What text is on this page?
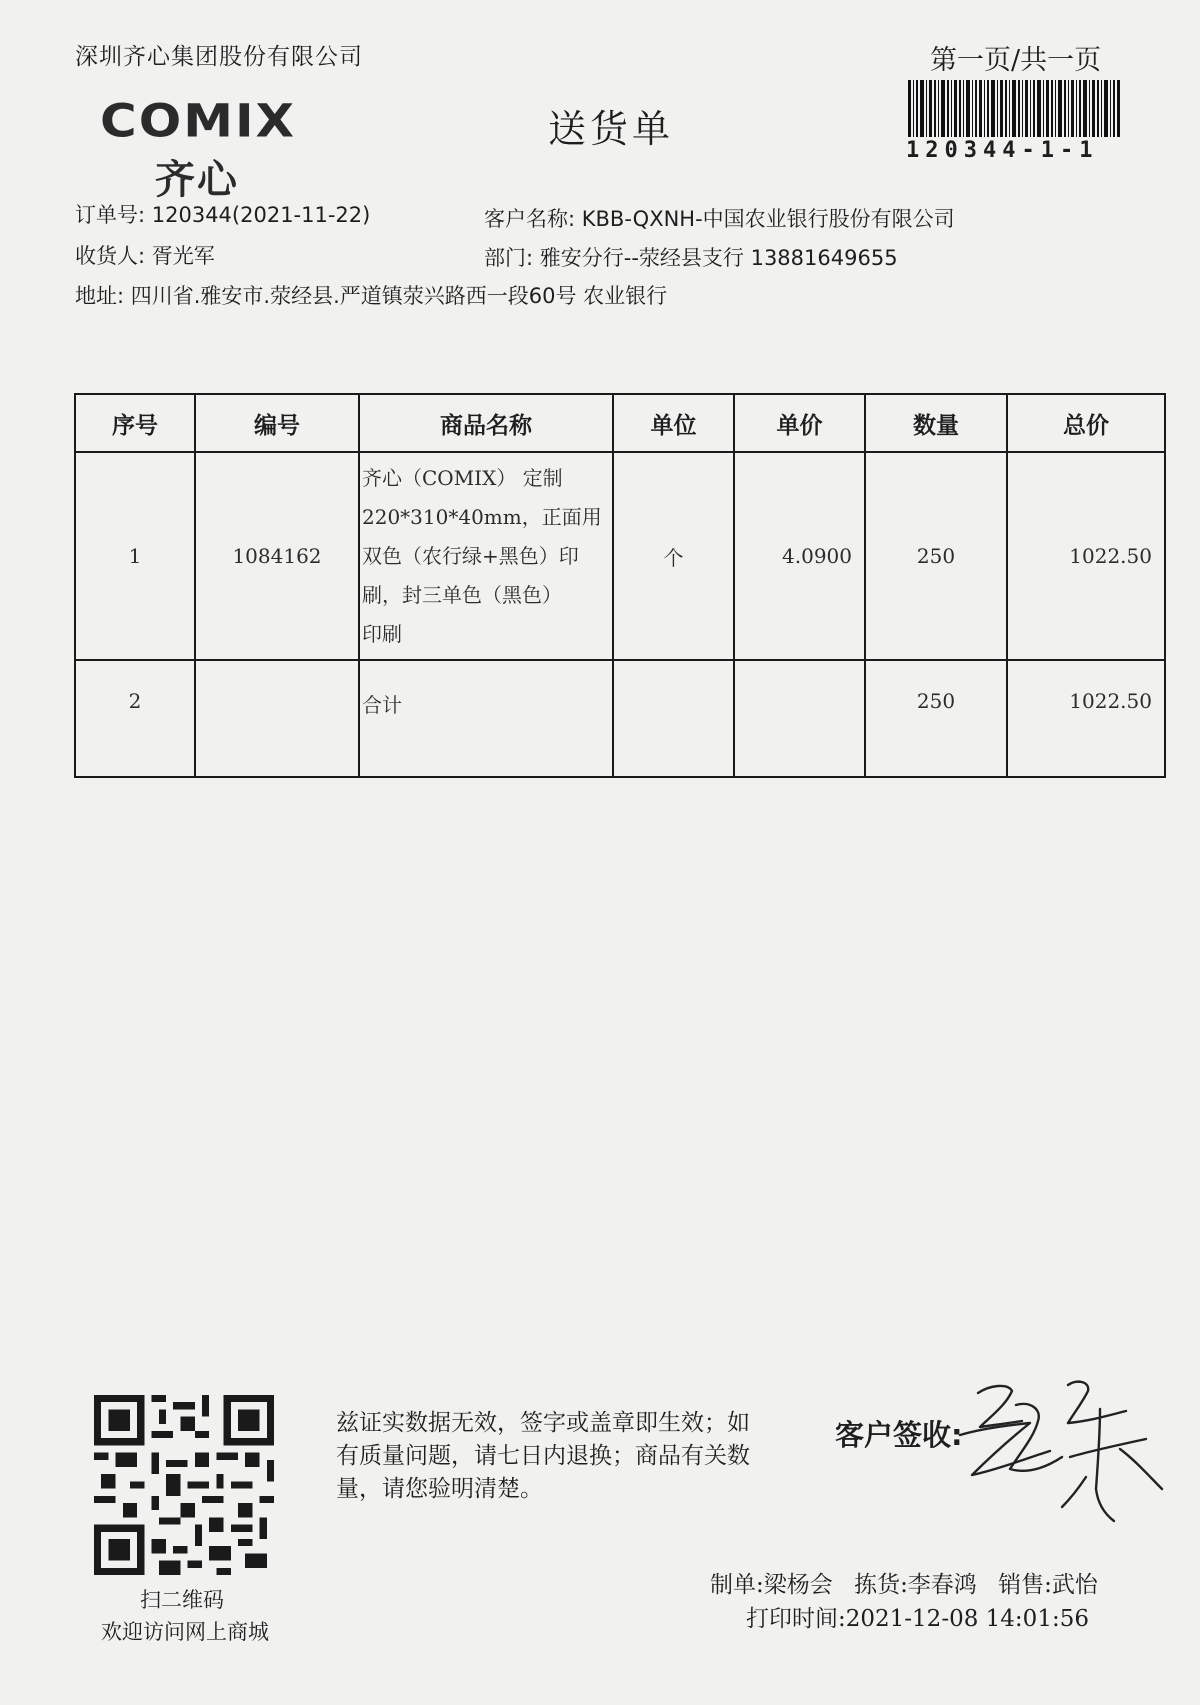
深圳齐心集团股份有限公司	第一页/共一页
120344-1-1
COMIX
齐心
送货单
订单号: 120344(2021-11-22)	客户名称: KBB-QXNH-中国农业银行股份有限公司
收货人: 胥光军	部门: 雅安分行--荥经县支行 13881649655
地址: 四川省.雅安市.荥经县.严道镇荥兴路西一段60号 农业银行
序号	编号	商品名称	单位	单价	数量	总价
1	1084162	齐心（COMIX） 定制
220*310*40mm，正面用
双色（农行绿+黑色）印
刷，封三单色（黑色）
印刷	个	4.0900	250	1022.50
2		合计			250	1022.50
扫二维码
欢迎访问网上商城
兹证实数据无效，签字或盖章即生效；如有质量问题，请七日内退换；商品有关数量，请您验明清楚。
客户签收:
制单:梁杨会 拣货:李春鸿 销售:武怡
打印时间:2021-12-08 14:01:56
